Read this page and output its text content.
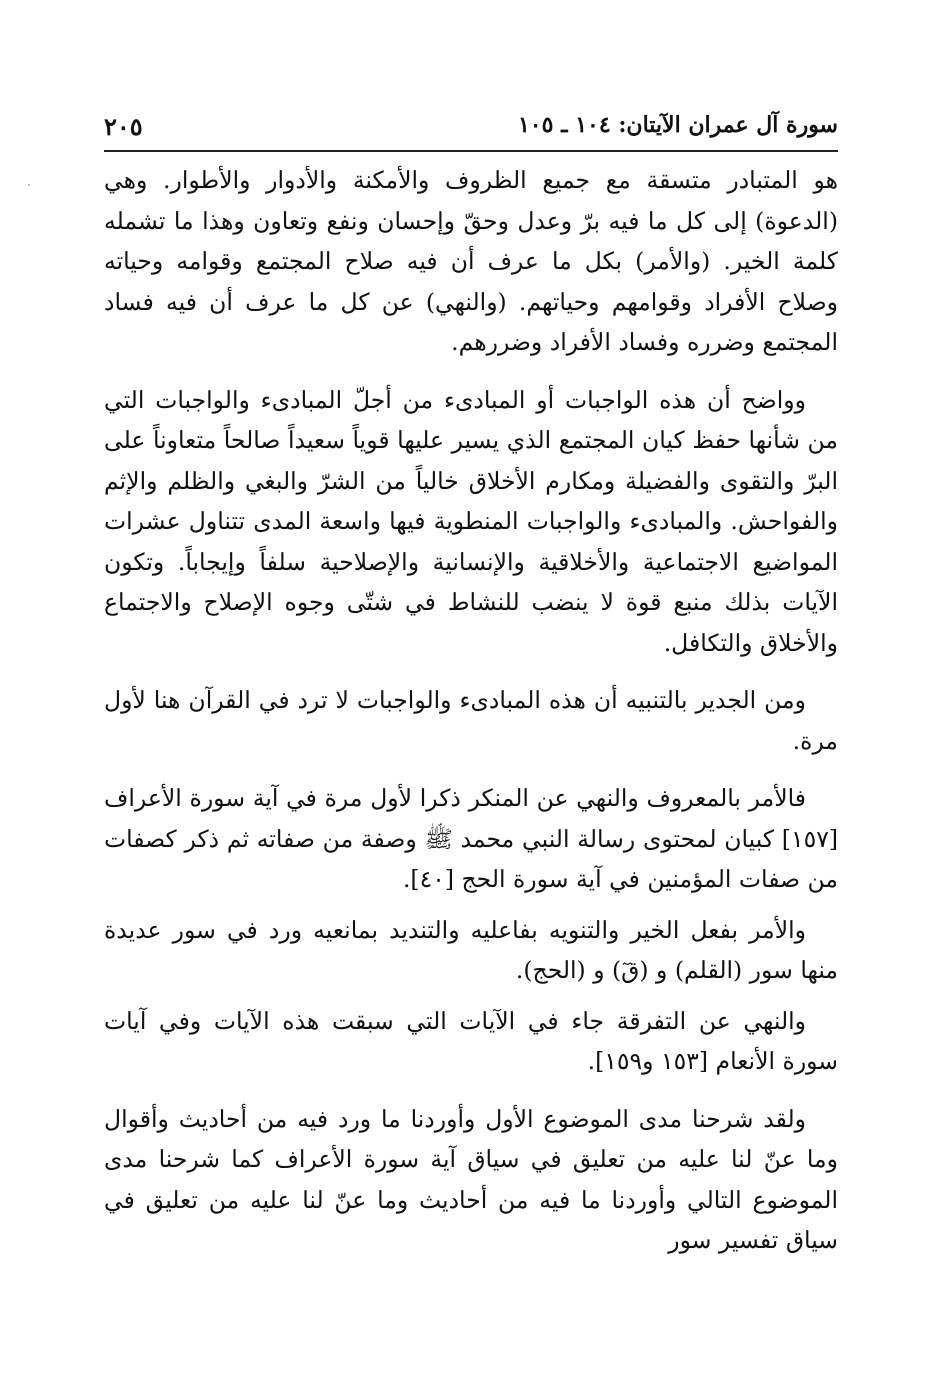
سورة آل عمران الآيتان: ١٠٤ ـ ١٠٥
٢٠٥

هو المتبادر متسقة مع جميع الظروف والأمكنة والأدوار والأطوار. وهي (الدعوة) إلى كل ما فيه برّ وعدل وحقّ وإحسان ونفع وتعاون وهذا ما تشمله كلمة الخير. (والأمر) بكل ما عرف أن فيه صلاح المجتمع وقوامه وحياته وصلاح الأفراد وقوامهم وحياتهم. (والنهي) عن كل ما عرف أن فيه فساد المجتمع وضرره وفساد الأفراد وضررهم.

وواضح أن هذه الواجبات أو المبادىء من أجلّ المبادىء والواجبات التي من شأنها حفظ كيان المجتمع الذي يسير عليها قوياً سعيداً صالحاً متعاوناً على البرّ والتقوى والفضيلة ومكارم الأخلاق خالياً من الشرّ والبغي والظلم والإثم والفواحش. والمبادىء والواجبات المنطوية فيها واسعة المدى تتناول عشرات المواضيع الاجتماعية والأخلاقية والإنسانية والإصلاحية سلفاً وإيجاباً. وتكون الآيات بذلك منبع قوة لا ينضب للنشاط في شتّى وجوه الإصلاح والاجتماع والأخلاق والتكافل.

ومن الجدير بالتنبيه أن هذه المبادىء والواجبات لا ترد في القرآن هنا لأول مرة.

فالأمر بالمعروف والنهي عن المنكر ذكرا لأول مرة في آية سورة الأعراف [١٥٧] كبيان لمحتوى رسالة النبي محمد ﷺ وصفة من صفاته ثم ذكر كصفات من صفات المؤمنين في آية سورة الحج [٤٠].

والأمر بفعل الخير والتنويه بفاعليه والتنديد بمانعيه ورد في سور عديدة منها سور (القلم) و (قٓ) و (الحج).

والنهي عن التفرقة جاء في الآيات التي سبقت هذه الآيات وفي آيات سورة الأنعام [١٥٣ و١٥٩].

ولقد شرحنا مدى الموضوع الأول وأوردنا ما ورد فيه من أحاديث وأقوال وما عنّ لنا عليه من تعليق في سياق آية سورة الأعراف كما شرحنا مدى الموضوع التالي وأوردنا ما فيه من أحاديث وما عنّ لنا عليه من تعليق في سياق تفسير سور
